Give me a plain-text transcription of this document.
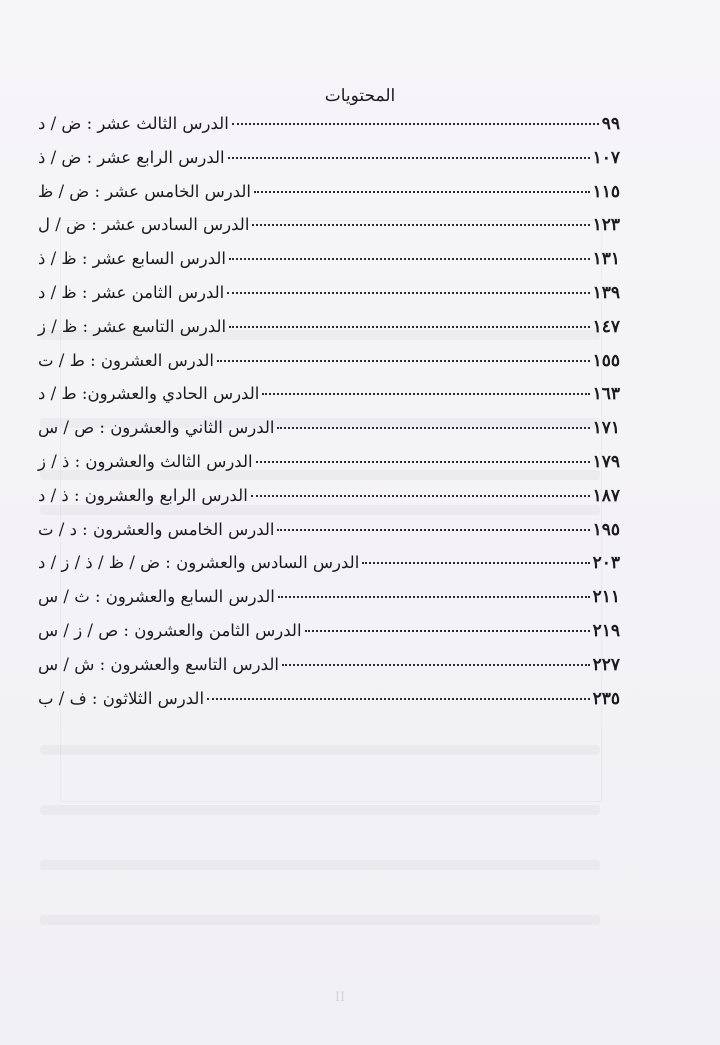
المحتويات
الدرس الثالث عشر : ض / د	٩٩
الدرس الرابع عشر : ض / ذ	١٠٧
الدرس الخامس عشر : ض / ظ	١١٥
الدرس السادس عشر : ض / ل	١٢٣
الدرس السابع عشر : ظ / ذ	١٣١
الدرس الثامن عشر : ظ / د	١٣٩
الدرس التاسع عشر : ظ / ز	١٤٧
الدرس العشرون : ط / ت	١٥٥
الدرس الحادي والعشرون: ط / د	١٦٣
الدرس الثاني والعشرون : ص / س	١٧١
الدرس الثالث والعشرون : ذ / ز	١٧٩
الدرس الرابع والعشرون : ذ / د	١٨٧
الدرس الخامس والعشرون : د / ت	١٩٥
الدرس السادس والعشرون : ض / ظ / ذ / ز / د	٢٠٣
الدرس السابع والعشرون : ث / س	٢١١
الدرس الثامن والعشرون : ص / ز / س	٢١٩
الدرس التاسع والعشرون : ش / س	٢٢٧
الدرس الثلاثون : ف / ب	٢٣٥
II
